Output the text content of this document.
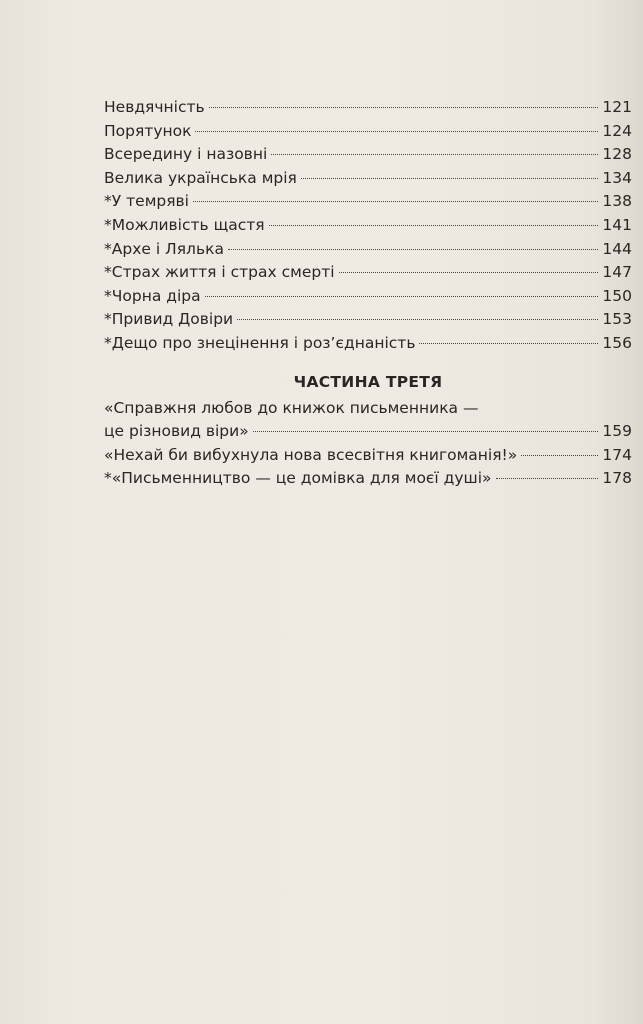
Невдячність	121
Порятунок	124
Всередину і назовні	128
Велика українська мрія	134
*У темряві	138
*Можливість щастя	141
*Архе і Лялька	144
*Страх життя і страх смерті	147
*Чорна діра	150
*Привид Довіри	153
*Дещо про знецінення і роз’єднаність	156
ЧАСТИНА ТРЕТЯ
«Справжня любов до книжок письменника —
це різновид віри»	159
«Нехай би вибухнула нова всесвітня книгоманія!»	174
*«Письменництво — це домівка для моєї душі»	178
